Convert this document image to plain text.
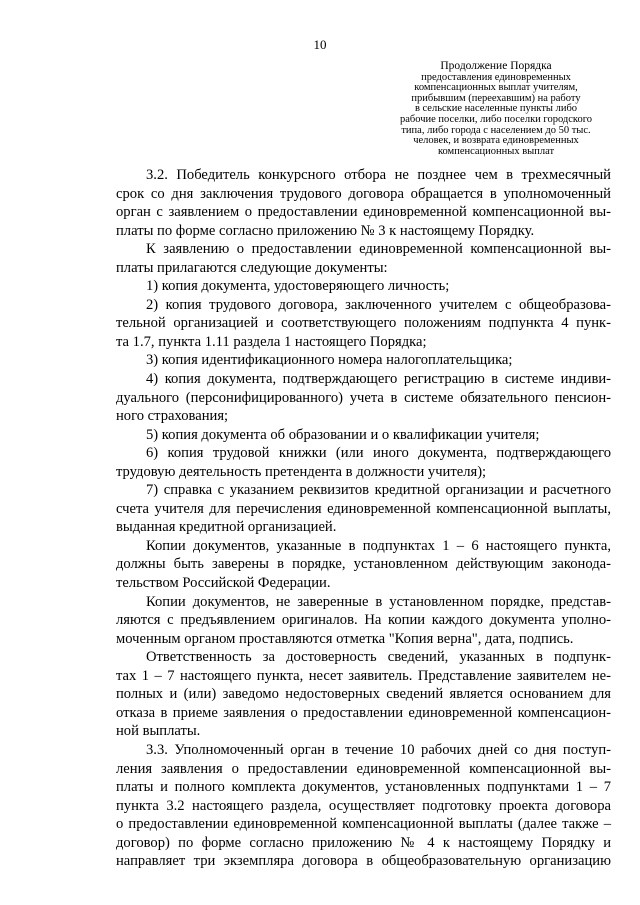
10
Продолжение Порядка
предоставления единовременных
компенсационных выплат учителям,
прибывшим (переехавшим) на работу
в сельские населенные пункты либо
рабочие поселки, либо поселки городского
типа, либо города с населением до 50 тыс.
человек, и возврата единовременных
компенсационных выплат

3.2. Победитель конкурсного отбора не позднее чем в трехмесячный
срок со дня заключения трудового договора обращается в уполномоченный
орган с заявлением о предоставлении единовременной компенсационной вы-
платы по форме согласно приложению № 3 к настоящему Порядку.

К заявлению о предоставлении единовременной компенсационной вы-
платы прилагаются следующие документы:

1) копия документа, удостоверяющего личность;

2) копия трудового договора, заключенного учителем с общеобразова-
тельной организацией и соответствующего положениям подпункта 4 пунк-
та 1.7, пункта 1.11 раздела 1 настоящего Порядка;

3) копия идентификационного номера налогоплательщика;

4) копия документа, подтверждающего регистрацию в системе индиви-
дуального (персонифицированного) учета в системе обязательного пенсион-
ного страхования;

5) копия документа об образовании и о квалификации учителя;

6) копия трудовой книжки (или иного документа, подтверждающего
трудовую деятельность претендента в должности учителя);

7) справка с указанием реквизитов кредитной организации и расчетного
счета учителя для перечисления единовременной компенсационной выплаты,
выданная кредитной организацией.

Копии документов, указанные в подпунктах 1 – 6 настоящего пункта,
должны быть заверены в порядке, установленном действующим законода-
тельством Российской Федерации.

Копии документов, не заверенные в установленном порядке, представ-
ляются с предъявлением оригиналов. На копии каждого документа уполно-
моченным органом проставляются отметка "Копия верна", дата, подпись.

Ответственность за достоверность сведений, указанных в подпунк-
тах 1 – 7 настоящего пункта, несет заявитель. Представление заявителем не-
полных и (или) заведомо недостоверных сведений является основанием для
отказа в приеме заявления о предоставлении единовременной компенсацион-
ной выплаты.

3.3. Уполномоченный орган в течение 10 рабочих дней со дня поступ-
ления заявления о предоставлении единовременной компенсационной вы-
платы и полного комплекта документов, установленных подпунктами 1 – 7
пункта 3.2 настоящего раздела, осуществляет подготовку проекта договора
о предоставлении единовременной компенсационной выплаты (далее также –
договор) по форме согласно приложению № 4 к настоящему Порядку и
направляет три экземпляра договора в общеобразовательную организацию
